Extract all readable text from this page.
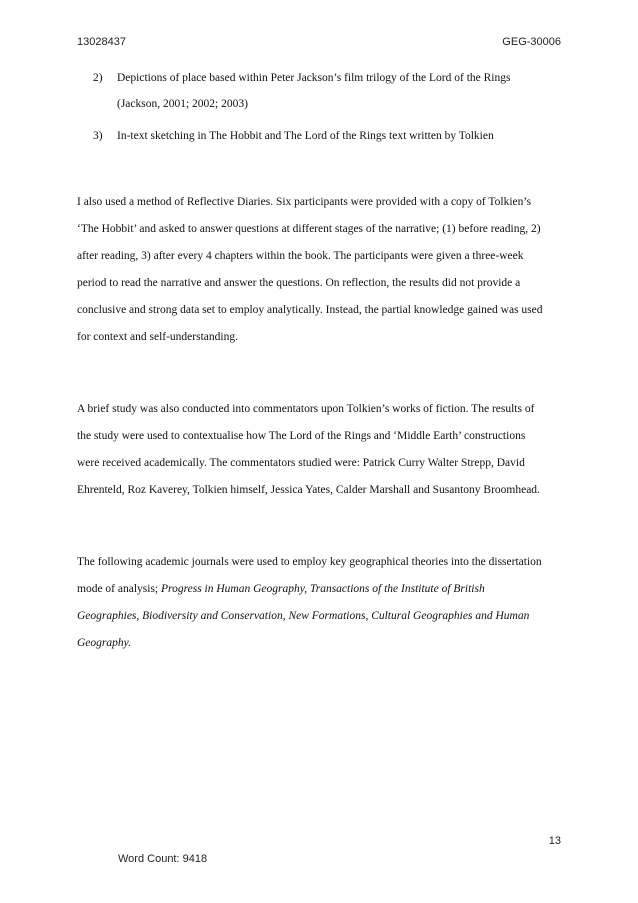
13028437	GEG-30006
2) Depictions of place based within Peter Jackson’s film trilogy of the Lord of the Rings
(Jackson, 2001; 2002; 2003)
3) In-text sketching in The Hobbit and The Lord of the Rings text written by Tolkien

I also used a method of Reflective Diaries. Six participants were provided with a copy of Tolkien’s
‘The Hobbit’ and asked to answer questions at different stages of the narrative; (1) before reading, 2)
after reading, 3) after every 4 chapters within the book. The participants were given a three-week
period to read the narrative and answer the questions. On reflection, the results did not provide a
conclusive and strong data set to employ analytically. Instead, the partial knowledge gained was used
for context and self-understanding.

A brief study was also conducted into commentators upon Tolkien’s works of fiction. The results of
the study were used to contextualise how The Lord of the Rings and ‘Middle Earth’ constructions
were received academically. The commentators studied were: Patrick Curry Walter Strepp, David
Ehrenteld, Roz Kaverey, Tolkien himself, Jessica Yates, Calder Marshall and Susantony Broomhead.

The following academic journals were used to employ key geographical theories into the dissertation
mode of analysis; Progress in Human Geography, Transactions of the Institute of British
Geographies, Biodiversity and Conservation, New Formations, Cultural Geographies and Human
Geography.

13
Word Count: 9418
